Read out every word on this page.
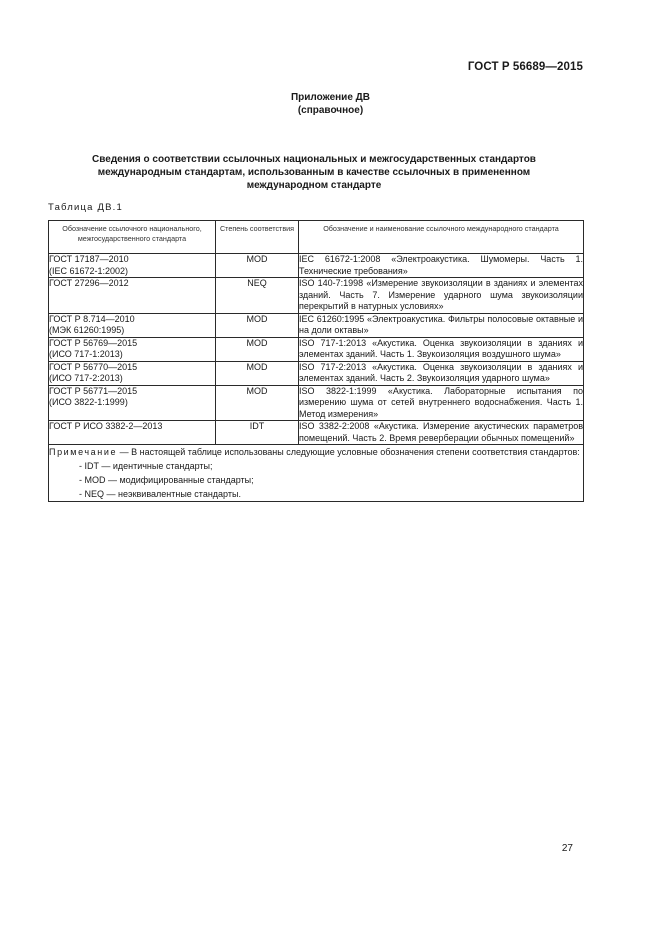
ГОСТ Р 56689—2015
Приложение ДВ
(справочное)

Сведения о соответствии ссылочных национальных и межгосударственных стандартов международным стандартам, использованным в качестве ссылочных в примененном международном стандарте

Таблица ДВ.1
Обозначение ссылочного национального, межгосударственного стандарта	Степень соответствия	Обозначение и наименование ссылочного международного стандарта

ГОСТ 17187—2010
(IEC 61672-1:2002)	MOD	IEC 61672-1:2008 «Электроакустика. Шумомеры. Часть 1. Технические требования»

ГОСТ 27296—2012	NEQ	ISO 140-7:1998 «Измерение звукоизоляции в зданиях и элементах зданий. Часть 7. Измерение ударного шума звукоизоляции перекрытий в натурных условиях»

ГОСТ Р 8.714—2010
(МЭК 61260:1995)	MOD	IEC 61260:1995 «Электроакустика. Фильтры полосовые октавные и на доли октавы»

ГОСТ Р 56769—2015
(ИСО 717-1:2013)	MOD	ISO 717-1:2013 «Акустика. Оценка звукоизоляции в зданиях и элементах зданий. Часть 1. Звукоизоляция воздушного шума»

ГОСТ Р 56770—2015
(ИСО 717-2:2013)	MOD	ISO 717-2:2013 «Акустика. Оценка звукоизоляции в зданиях и элементах зданий. Часть 2. Звукоизоляция ударного шума»

ГОСТ Р 56771—2015
(ИСО 3822-1:1999)	MOD	ISO 3822-1:1999 «Акустика. Лабораторные испытания по измерению шума от сетей внутреннего водоснабжения. Часть 1. Метод измерения»

ГОСТ Р ИСО 3382-2—2013	IDT	ISO 3382-2:2008 «Акустика. Измерение акустических параметров помещений. Часть 2. Время реверберации обычных помещений»

Примечание — В настоящей таблице использованы следующие условные обозначения степени соответствия стандартов:
- IDT — идентичные стандарты;
- MOD — модифицированные стандарты;
- NEQ — неэквивалентные стандарты.		
27
